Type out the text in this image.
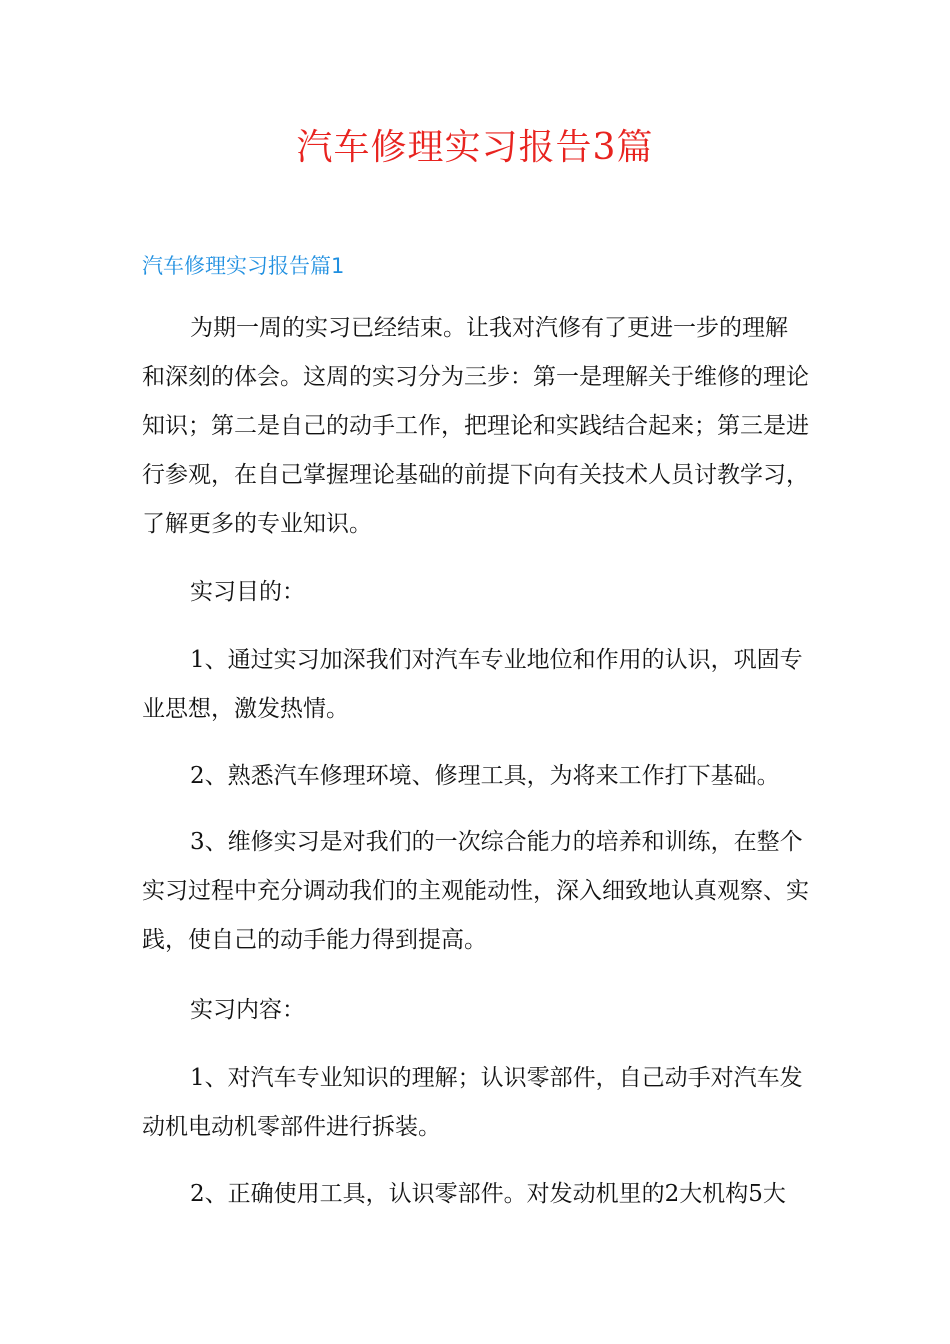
汽车修理实习报告3篇
汽车修理实习报告篇1

为期一周的实习已经结束。让我对汽修有了更进一步的理解和深刻的体会。这周的实习分为三步：第一是理解关于维修的理论知识；第二是自己的动手工作，把理论和实践结合起来；第三是进行参观，在自己掌握理论基础的前提下向有关技术人员讨教学习，了解更多的专业知识。

实习目的：

1、通过实习加深我们对汽车专业地位和作用的认识，巩固专业思想，激发热情。

2、熟悉汽车修理环境、修理工具，为将来工作打下基础。

3、维修实习是对我们的一次综合能力的培养和训练，在整个实习过程中充分调动我们的主观能动性，深入细致地认真观察、实践，使自己的动手能力得到提高。

实习内容：

1、对汽车专业知识的理解；认识零部件，自己动手对汽车发动机电动机零部件进行拆装。

2、正确使用工具，认识零部件。对发动机里的2大机构5大
